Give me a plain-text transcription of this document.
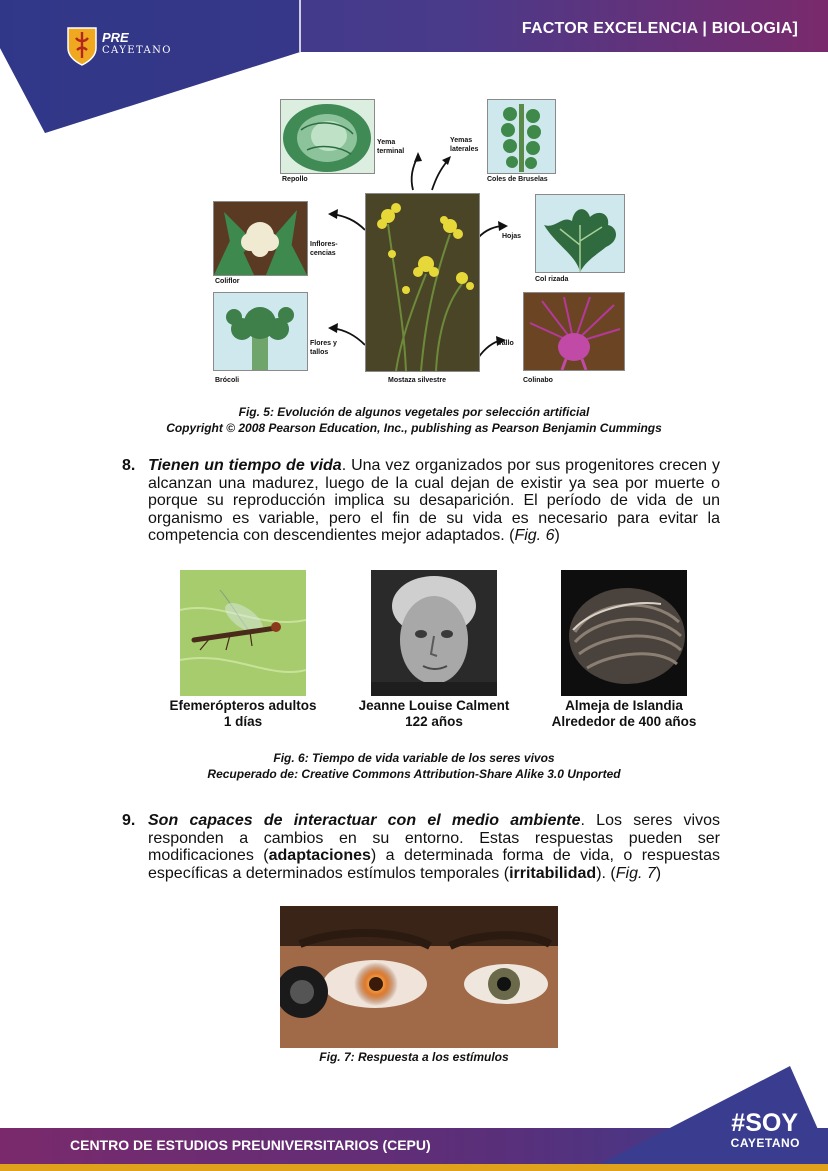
PRE
CAYETANO
FACTOR EXCELENCIA | BIOLOGIA]
Repollo
Yema
terminal
Yemas
laterales
Coles de Bruselas
Mostaza silvestre
Coliflor
Inflores-
cencias
Col rizada
Hojas
Brócoli
Flores y
tallos
Colinabo
Tallo
Fig. 5: Evolución de algunos vegetales por selección artificial
Copyright © 2008 Pearson Education, Inc., publishing as Pearson Benjamin Cummings
8. Tienen un tiempo de vida. Una vez organizados por sus progenitores crecen y alcanzan una madurez, luego de la cual dejan de existir ya sea por muerte o porque su reproducción implica su desaparición. El período de vida de un organismo es variable, pero el fin de su vida es necesario para evitar la competencia con descendientes mejor adaptados. (Fig. 6)
Efemerópteros adultos
1 días
Jeanne Louise Calment
122 años
Almeja de Islandia
Alrededor de 400 años
Fig. 6: Tiempo de vida variable de los seres vivos
Recuperado de: Creative Commons Attribution-Share Alike 3.0 Unported
9. Son capaces de interactuar con el medio ambiente. Los seres vivos responden a cambios en su entorno. Estas respuestas pueden ser modificaciones (adaptaciones) a determinada forma de vida, o respuestas específicas a determinados estímulos temporales (irritabilidad). (Fig. 7)
Fig. 7: Respuesta a los estímulos
CENTRO DE ESTUDIOS PREUNIVERSITARIOS (CEPU)
#SOY
CAYETANO
